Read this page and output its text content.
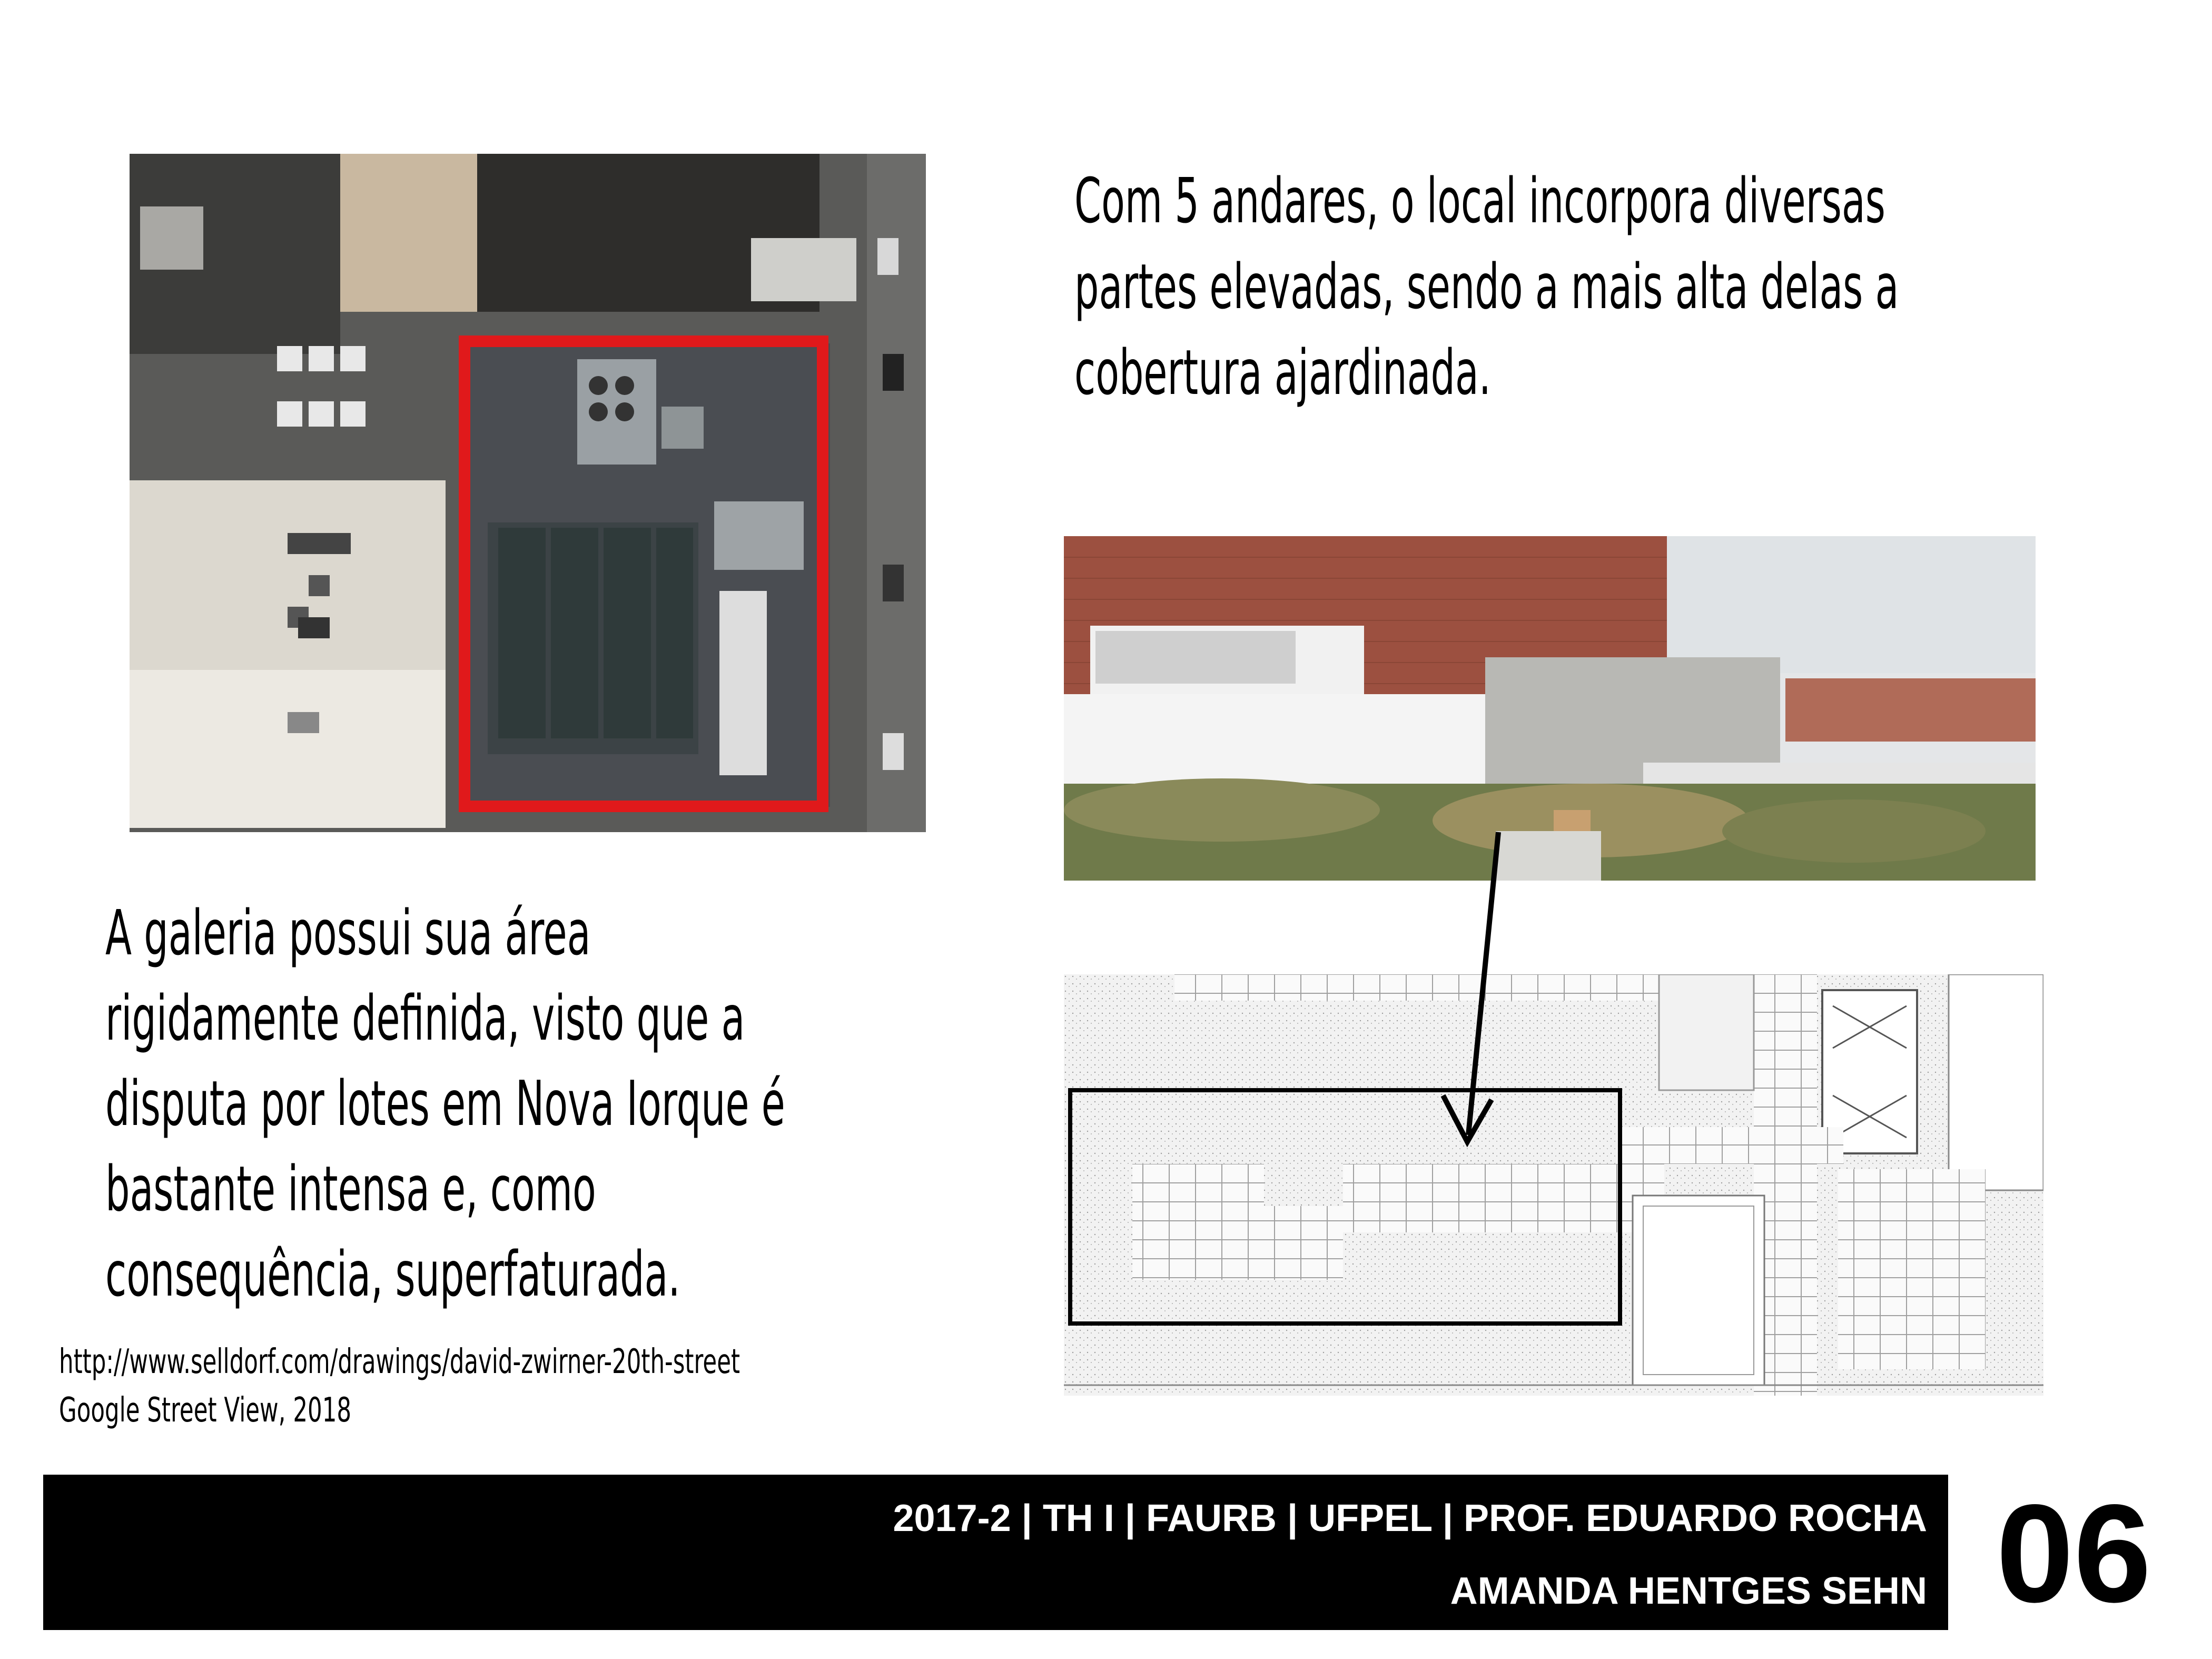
Com 5 andares, o local incorpora diversas
partes elevadas, sendo a mais alta delas a
cobertura ajardinada.
A galeria possui sua área
rigidamente definida, visto que a
disputa por lotes em Nova Iorque é
bastante intensa e, como
consequência, superfaturada.
http://www.selldorf.com/drawings/david-zwirner-20th-street
Google Street View, 2018
2017-2 | TH I | FAURB | UFPEL | PROF. EDUARDO ROCHA
AMANDA HENTGES SEHN 06
